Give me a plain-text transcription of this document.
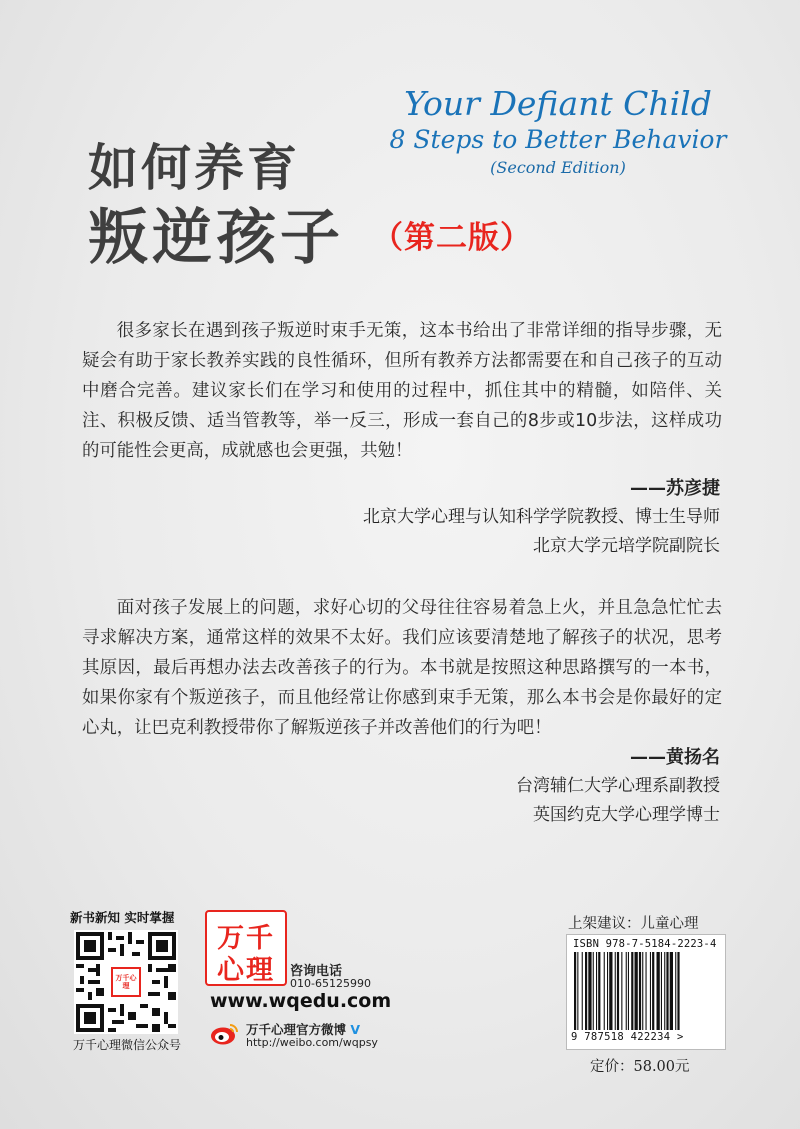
如何养育
叛逆孩子 （第二版）
Your Defiant Child
8 Steps to Better Behavior
(Second Edition)
很多家长在遇到孩子叛逆时束手无策，这本书给出了非常详细的指导步骤，无疑会有助于家长教养实践的良性循环，但所有教养方法都需要在和自己孩子的互动中磨合完善。建议家长们在学习和使用的过程中，抓住其中的精髓，如陪伴、关注、积极反馈、适当管教等，举一反三，形成一套自己的8步或10步法，这样成功的可能性会更高，成就感也会更强，共勉！
——苏彦捷
北京大学心理与认知科学学院教授、博士生导师
北京大学元培学院副院长
面对孩子发展上的问题，求好心切的父母往往容易着急上火，并且急急忙忙去寻求解决方案，通常这样的效果不太好。我们应该要清楚地了解孩子的状况，思考其原因，最后再想办法去改善孩子的行为。本书就是按照这种思路撰写的一本书，如果你家有个叛逆孩子，而且他经常让你感到束手无策，那么本书会是你最好的定心丸，让巴克利教授带你了解叛逆孩子并改善他们的行为吧！
——黄扬名
台湾辅仁大学心理系副教授
英国约克大学心理学博士
新书新知 实时掌握
万千心理
万千心理微信公众号
万千
心理	咨询电话
010-65125990
www.wqedu.com
万千心理官方微博 V
http://weibo.com/wqpsy
上架建议：儿童心理
ISBN 978-7-5184-2223-4
9 787518 422234 >
定价：58.00元
